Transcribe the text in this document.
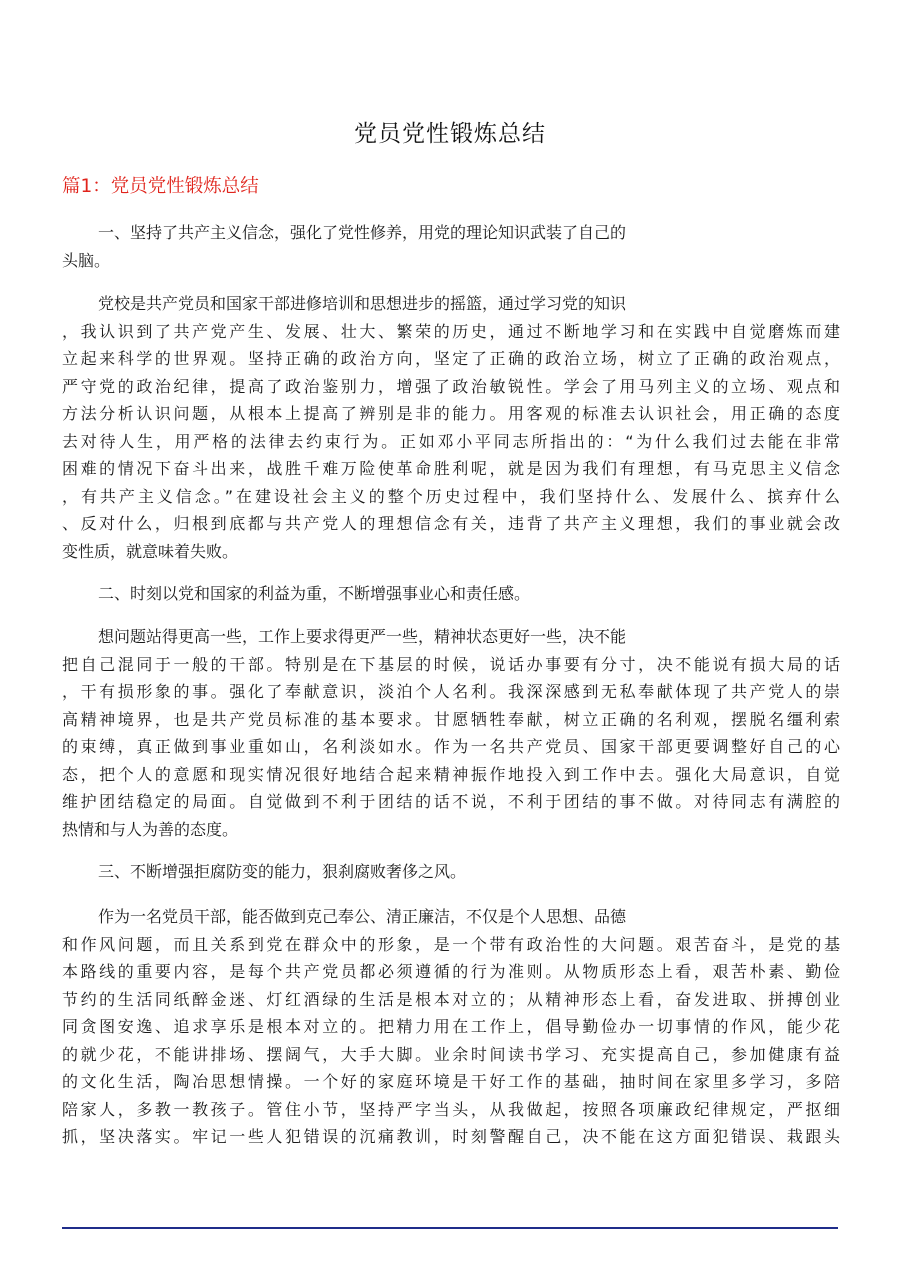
党员党性锻炼总结
篇1：党员党性锻炼总结
一、坚持了共产主义信念，强化了党性修养，用党的理论知识武装了自己的
头脑。
党校是共产党员和国家干部进修培训和思想进步的摇篮，通过学习党的知识
，我认识到了共产党产生、发展、壮大、繁荣的历史，通过不断地学习和在实践中自觉磨炼而建
立起来科学的世界观。坚持正确的政治方向，坚定了正确的政治立场，树立了正确的政治观点，
严守党的政治纪律，提高了政治鉴别力，增强了政治敏锐性。学会了用马列主义的立场、观点和
方法分析认识问题，从根本上提高了辨别是非的能力。用客观的标准去认识社会，用正确的态度
去对待人生，用严格的法律去约束行为。正如邓小平同志所指出的：“为什么我们过去能在非常
困难的情况下奋斗出来，战胜千难万险使革命胜利呢，就是因为我们有理想，有马克思主义信念
，有共产主义信念。”在建设社会主义的整个历史过程中，我们坚持什么、发展什么、摈弃什么
、反对什么，归根到底都与共产党人的理想信念有关，违背了共产主义理想，我们的事业就会改
变性质，就意味着失败。
二、时刻以党和国家的利益为重，不断增强事业心和责任感。
想问题站得更高一些，工作上要求得更严一些，精神状态更好一些，决不能
把自己混同于一般的干部。特别是在下基层的时候，说话办事要有分寸，决不能说有损大局的话
，干有损形象的事。强化了奉献意识，淡泊个人名利。我深深感到无私奉献体现了共产党人的崇
高精神境界，也是共产党员标准的基本要求。甘愿牺牲奉献，树立正确的名利观，摆脱名缰利索
的束缚，真正做到事业重如山，名利淡如水。作为一名共产党员、国家干部更要调整好自己的心
态，把个人的意愿和现实情况很好地结合起来精神振作地投入到工作中去。强化大局意识，自觉
维护团结稳定的局面。自觉做到不利于团结的话不说，不利于团结的事不做。对待同志有满腔的
热情和与人为善的态度。
三、不断增强拒腐防变的能力，狠刹腐败奢侈之风。
作为一名党员干部，能否做到克己奉公、清正廉洁，不仅是个人思想、品德
和作风问题，而且关系到党在群众中的形象，是一个带有政治性的大问题。艰苦奋斗，是党的基
本路线的重要内容，是每个共产党员都必须遵循的行为准则。从物质形态上看，艰苦朴素、勤俭
节约的生活同纸醉金迷、灯红酒绿的生活是根本对立的；从精神形态上看，奋发进取、拼搏创业
同贪图安逸、追求享乐是根本对立的。把精力用在工作上，倡导勤俭办一切事情的作风，能少花
的就少花，不能讲排场、摆阔气，大手大脚。业余时间读书学习、充实提高自己，参加健康有益
的文化生活，陶冶思想情操。一个好的家庭环境是干好工作的基础，抽时间在家里多学习，多陪
陪家人，多教一教孩子。管住小节，坚持严字当头，从我做起，按照各项廉政纪律规定，严抠细
抓，坚决落实。牢记一些人犯错误的沉痛教训，时刻警醒自己，决不能在这方面犯错误、栽跟头
